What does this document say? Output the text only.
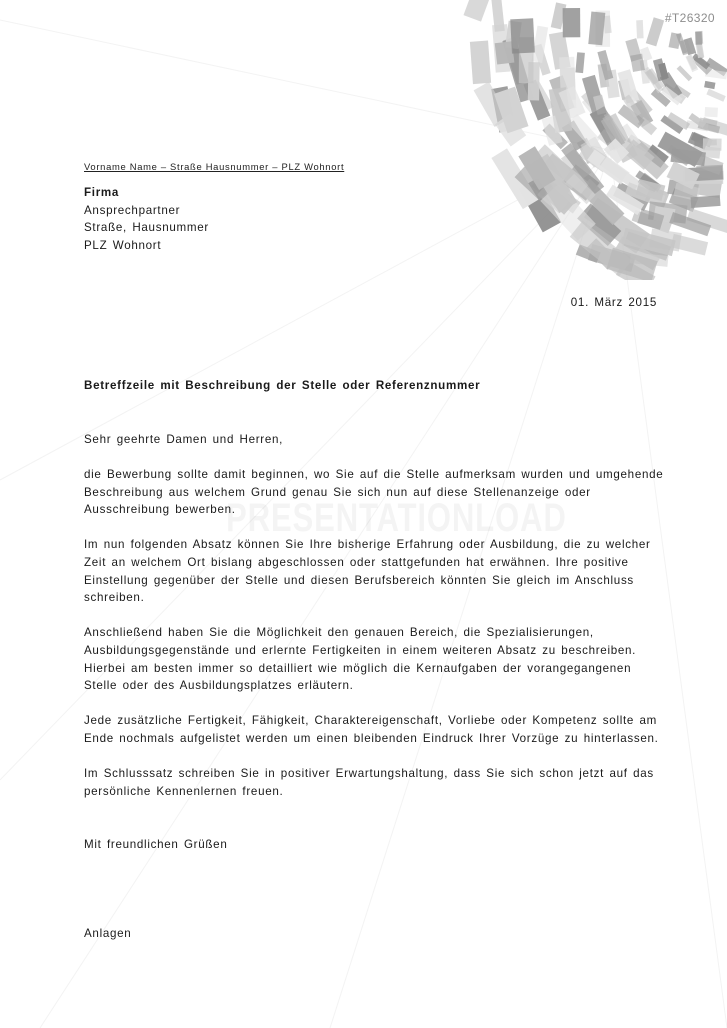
#T26320
Vorname Name – Straße Hausnummer – PLZ Wohnort
Firma
Ansprechpartner
Straße, Hausnummer
PLZ Wohnort
01. März 2015
Betreffzeile mit Beschreibung der Stelle oder Referenznummer
Sehr geehrte Damen und Herren,

die Bewerbung sollte damit beginnen, wo Sie auf die Stelle aufmerksam wurden und umgehende Beschreibung aus welchem Grund genau Sie sich nun auf diese Stellenanzeige oder Ausschreibung bewerben.

Im nun folgenden Absatz können Sie Ihre bisherige Erfahrung oder Ausbildung, die zu welcher Zeit an welchem Ort bislang abgeschlossen oder stattgefunden hat erwähnen. Ihre positive Einstellung gegenüber der Stelle und diesen Berufsbereich könnten Sie gleich im Anschluss schreiben.

Anschließend haben Sie die Möglichkeit den genauen Bereich, die Spezialisierungen, Ausbildungsgegenstände und erlernte Fertigkeiten in einem weiteren Absatz zu beschreiben. Hierbei am besten immer so detailliert wie möglich die Kernaufgaben der vorangegangenen Stelle oder des Ausbildungsplatzes erläutern.

Jede zusätzliche Fertigkeit, Fähigkeit, Charaktereigenschaft, Vorliebe oder Kompetenz sollte am Ende nochmals aufgelistet werden um einen bleibenden Eindruck Ihrer Vorzüge zu hinterlassen.

Im Schlusssatz schreiben Sie in positiver Erwartungshaltung, dass Sie sich schon jetzt auf das persönliche Kennenlernen freuen.

Mit freundlichen Grüßen
Anlagen
